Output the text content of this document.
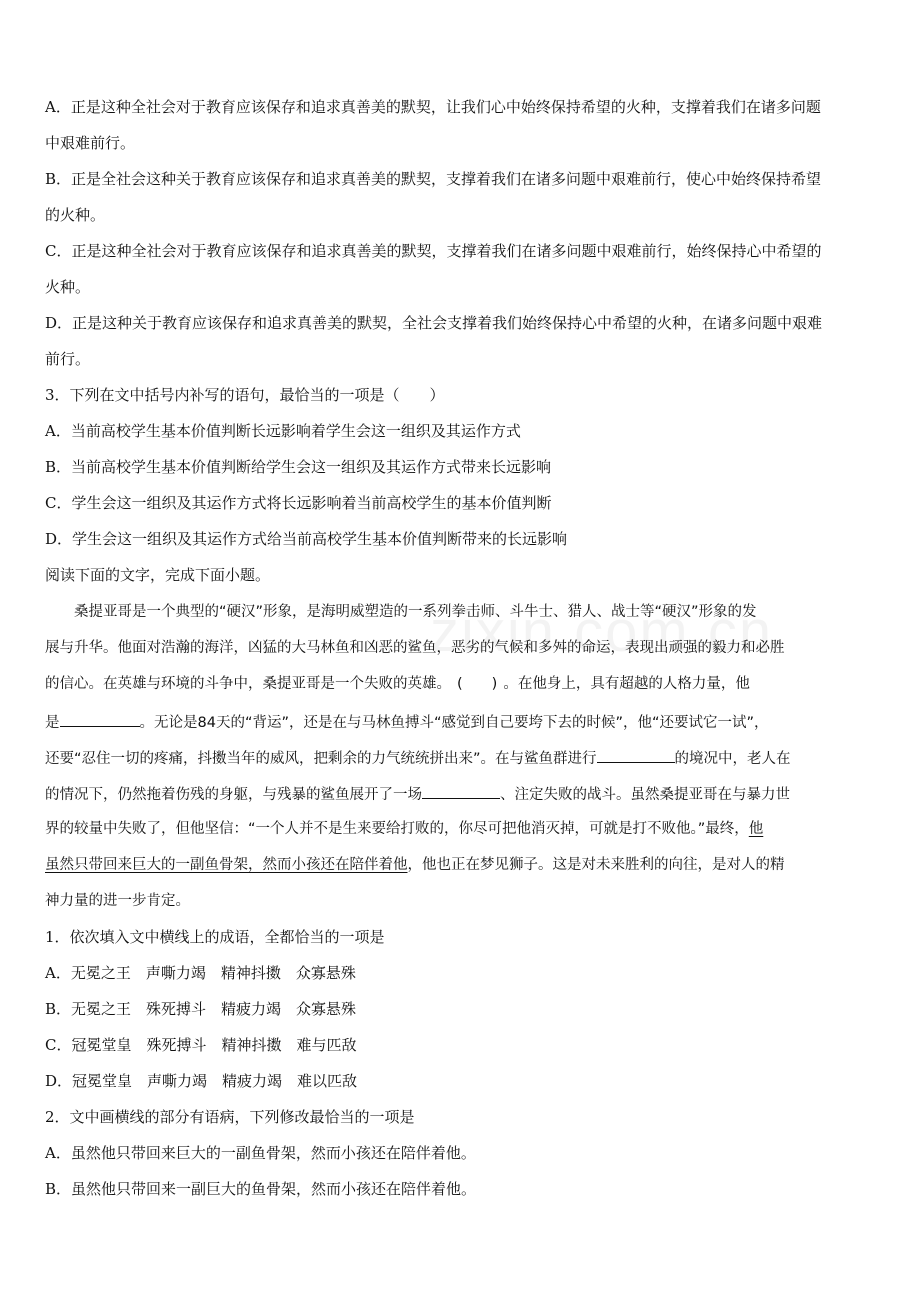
A．正是这种全社会对于教育应该保存和追求真善美的默契，让我们心中始终保持希望的火种，支撑着我们在诸多问题
中艰难前行。
B．正是全社会这种关于教育应该保存和追求真善美的默契，支撑着我们在诸多问题中艰难前行，使心中始终保持希望
的火种。
C．正是这种全社会对于教育应该保存和追求真善美的默契，支撑着我们在诸多问题中艰难前行，始终保持心中希望的
火种。
D．正是这种关于教育应该保存和追求真善美的默契，全社会支撑着我们始终保持心中希望的火种，在诸多问题中艰难
前行。
3．下列在文中括号内补写的语句，最恰当的一项是（　　）
A．当前高校学生基本价值判断长远影响着学生会这一组织及其运作方式
B．当前高校学生基本价值判断给学生会这一组织及其运作方式带来长远影响
C．学生会这一组织及其运作方式将长远影响着当前高校学生的基本价值判断
D．学生会这一组织及其运作方式给当前高校学生基本价值判断带来的长远影响
阅读下面的文字，完成下面小题。
　　桑提亚哥是一个典型的“硬汉”形象，是海明威塑造的一系列拳击师、斗牛士、猎人、战士等“硬汉”形象的发
展与升华。他面对浩瀚的海洋，凶猛的大马林鱼和凶恶的鲨鱼，恶劣的气候和多舛的命运，表现出顽强的毅力和必胜
的信心。在英雄与环境的斗争中，桑提亚哥是一个失败的英雄。 (　　) 。在他身上，具有超越的人格力量，他
是	。无论是84天的“背运”，还是在与马林鱼搏斗“感觉到自己要垮下去的时候”，他“还要试它一试”，
还要“忍住一切的疼痛，抖擞当年的威风，把剩余的力气统统拼出来”。在与鲨鱼群进行	的境况中，老人在
的情况下，仍然拖着伤残的身躯，与残暴的鲨鱼展开了一场	、注定失败的战斗。虽然桑提亚哥在与暴力世
界的较量中失败了，但他坚信：“一个人并不是生来要给打败的，你尽可把他消灭掉，可就是打不败他。”最终，他
虽然只带回来巨大的一副鱼骨架，然而小孩还在陪伴着他，他也正在梦见狮子。这是对未来胜利的向往，是对人的精
神力量的进一步肯定。
1．依次填入文中横线上的成语，全都恰当的一项是
A．无冕之王　声嘶力竭　精神抖擞　众寡悬殊
B．无冕之王　殊死搏斗　精疲力竭　众寡悬殊
C．冠冕堂皇　殊死搏斗　精神抖擞　难与匹敌
D．冠冕堂皇　声嘶力竭　精疲力竭　难以匹敌
2．文中画横线的部分有语病，下列修改最恰当的一项是
A．虽然他只带回来巨大的一副鱼骨架，然而小孩还在陪伴着他。
B．虽然他只带回来一副巨大的鱼骨架，然而小孩还在陪伴着他。
